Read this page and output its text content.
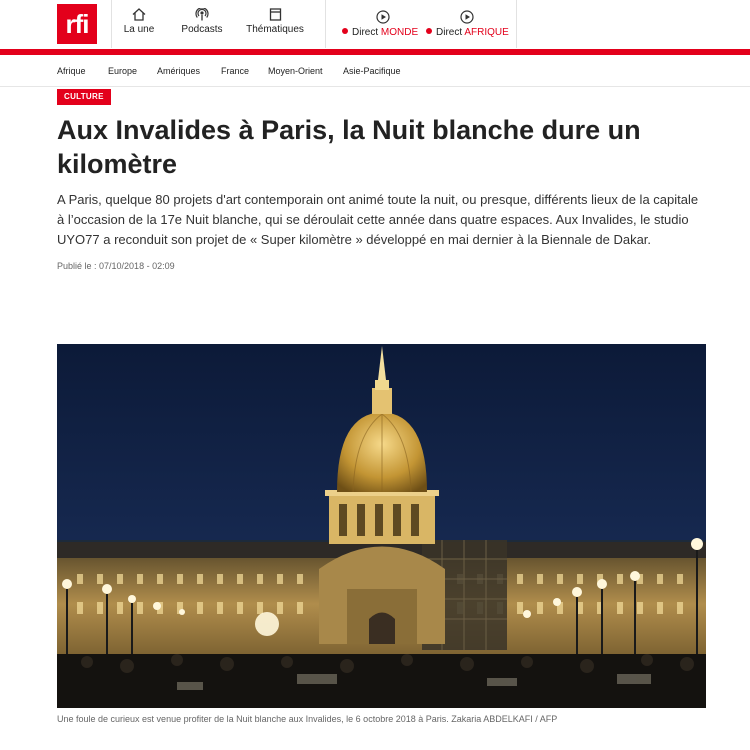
rfi	La une	Podcasts	Thématiques	Direct MONDE	Direct AFRIQUE
Afrique Europe Amériques France Moyen-Orient Asie-Pacifique
CULTURE
Aux Invalides à Paris, la Nuit blanche dure un kilomètre

A Paris, quelque 80 projets d'art contemporain ont animé toute la nuit, ou presque, différents lieux de la capitale à l’occasion de la 17e Nuit blanche, qui se déroulait cette année dans quatre espaces. Aux Invalides, le studio UYO77 a reconduit son projet de « Super kilomètre » développé en mai dernier à la Biennale de Dakar.

Publié le : 07/10/2018 - 02:09
Une foule de curieux est venue profiter de la Nuit blanche aux Invalides, le 6 octobre 2018 à Paris. Zakaria ABDELKAFI / AFP
